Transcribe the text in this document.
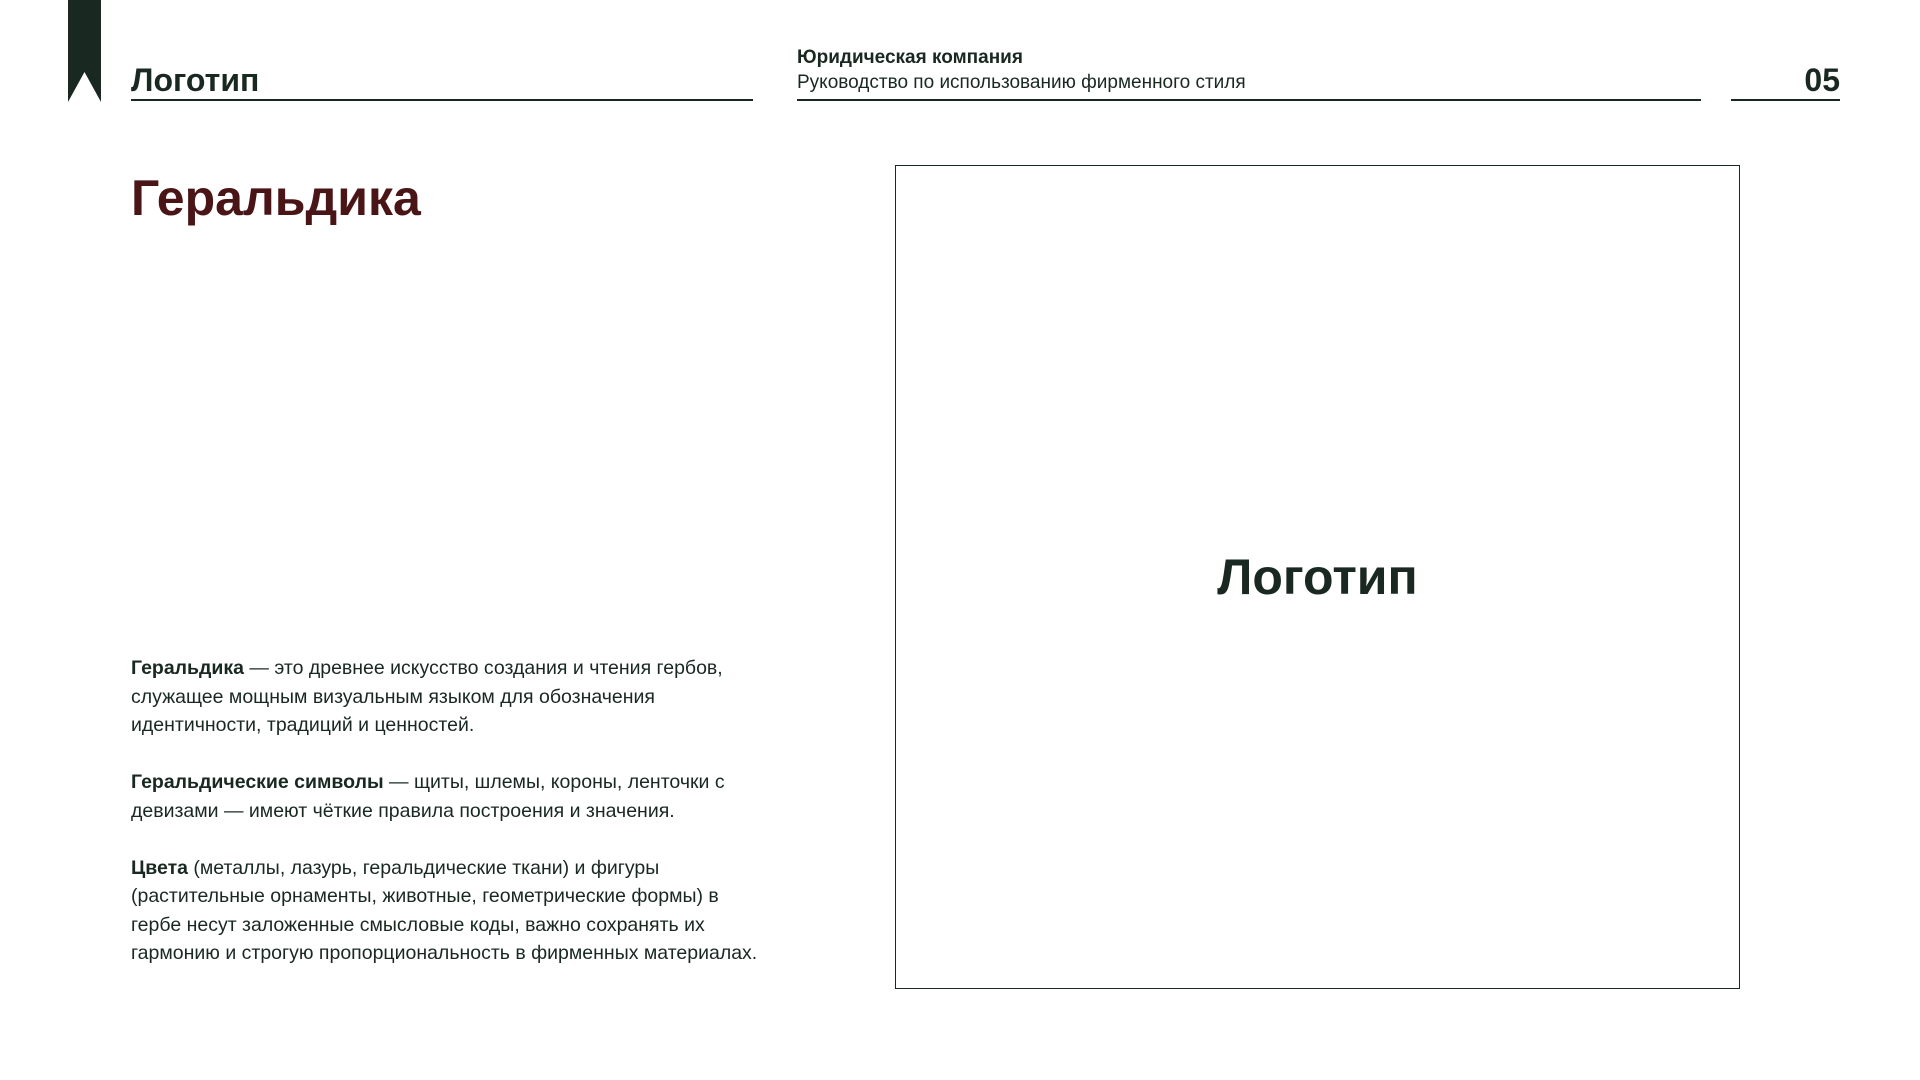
Логотип
Юридическая компания
Руководство по использованию фирменного стиля	05
Геральдика

Геральдика — это древнее искусство создания и чтения гербов, служащее мощным визуальным языком для обозначения идентичности, традиций и ценностей.

Геральдические символы — щиты, шлемы, короны, ленточки с девизами — имеют чёткие правила построения и значения.

Цвета (металлы, лазурь, геральдические ткани) и фигуры (растительные орнаменты, животные, геометрические формы) в гербе несут заложенные смысловые коды, важно сохранять их гармонию и строгую пропорциональность в фирменных материалах.

Логотип
